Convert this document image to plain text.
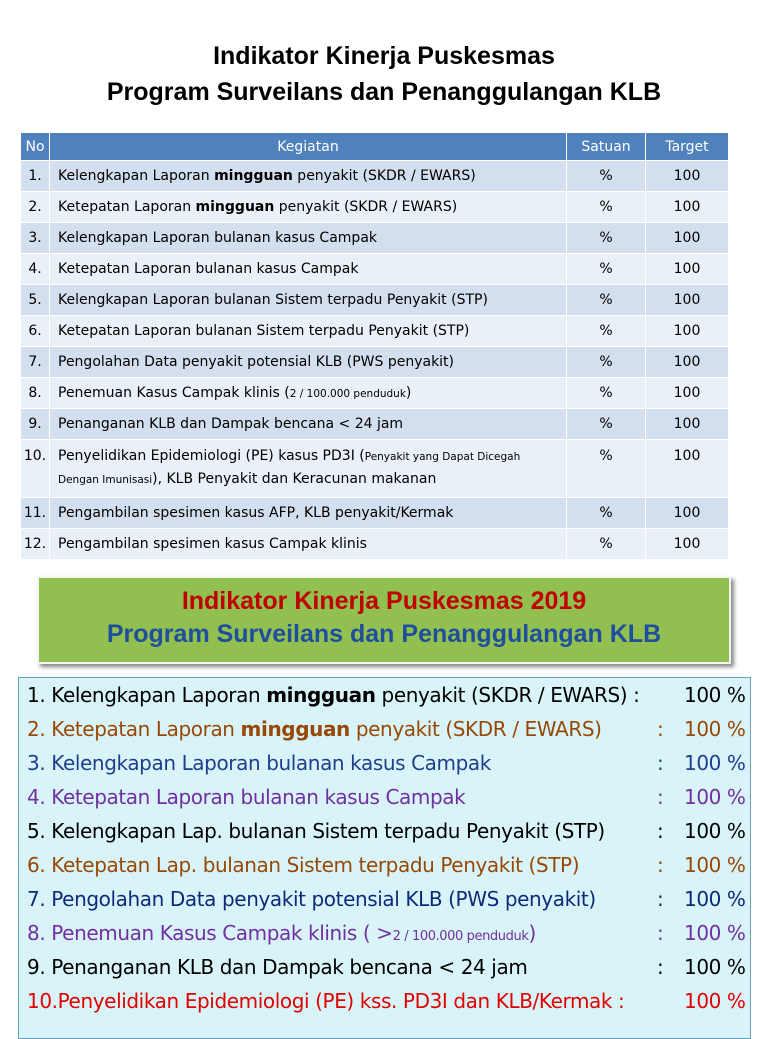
Indikator Kinerja Puskesmas
Program Surveilans dan Penanggulangan KLB
No	Kegiatan	Satuan	Target
1.	Kelengkapan Laporan mingguan penyakit (SKDR / EWARS)	%	100
2.	Ketepatan Laporan mingguan penyakit (SKDR / EWARS)	%	100
3.	Kelengkapan Laporan bulanan kasus Campak	%	100
4.	Ketepatan Laporan bulanan kasus Campak	%	100
5.	Kelengkapan Laporan bulanan Sistem terpadu Penyakit (STP)	%	100
6.	Ketepatan Laporan bulanan Sistem terpadu Penyakit (STP)	%	100
7.	Pengolahan Data penyakit potensial KLB (PWS penyakit)	%	100
8.	Penemuan Kasus Campak klinis (2 / 100.000 penduduk)	%	100
9.	Penanganan KLB dan Dampak bencana < 24 jam	%	100
10.	Penyelidikan Epidemiologi (PE) kasus PD3I (Penyakit yang Dapat Dicegah Dengan Imunisasi), KLB Penyakit dan Keracunan makanan	%	100
11.	Pengambilan spesimen kasus AFP, KLB penyakit/Kermak	%	100
12.	Pengambilan spesimen kasus Campak klinis	%	100
Indikator Kinerja Puskesmas 2019
Program Surveilans dan Penanggulangan KLB
1. Kelengkapan Laporan mingguan penyakit (SKDR / EWARS) : 100 %
2. Ketepatan Laporan mingguan penyakit (SKDR / EWARS)	: 100 %
3. Kelengkapan Laporan bulanan kasus Campak	: 100 %
4. Ketepatan Laporan bulanan kasus Campak	: 100 %
5. Kelengkapan Lap. bulanan Sistem terpadu Penyakit (STP)	: 100 %
6. Ketepatan Lap. bulanan Sistem terpadu Penyakit (STP)	: 100 %
7. Pengolahan Data penyakit potensial KLB (PWS penyakit)	: 100 %
8. Penemuan Kasus Campak klinis ( >2 / 100.000 penduduk)	: 100 %
9. Penanganan KLB dan Dampak bencana < 24 jam	: 100 %
10.Penyelidikan Epidemiologi (PE) kss. PD3I dan KLB/Kermak :	100 %
